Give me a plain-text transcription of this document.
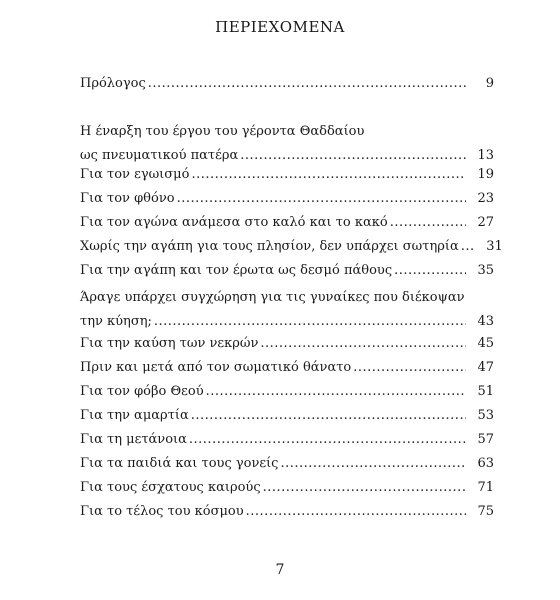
ΠΕΡΙΕΧΟΜΕΝΑ
Πρόλογος .....	9
Η έναρξη του έργου του γέροντα Θαδδαίου
ως πνευματικού πατέρα .....	13
Για τον εγωισμό .....	19
Για τον φθόνο .....	23
Για τον αγώνα ανάμεσα στο καλό και το κακό .....	27
Χωρίς την αγάπη για τους πλησίον, δεν υπάρχει σωτηρία .....	31
Για την αγάπη και τον έρωτα ως δεσμό πάθους .....	35
Άραγε υπάρχει συγχώρηση για τις γυναίκες που διέκοψαν
την κύηση; .....	43
Για την καύση των νεκρών .....	45
Πριν και μετά από τον σωματικό θάνατο .....	47
Για τον φόβο Θεού .....	51
Για την αμαρτία .....	53
Για τη μετάνοια .....	57
Για τα παιδιά και τους γονείς .....	63
Για τους έσχατους καιρούς .....	71
Για το τέλος του κόσμου .....	75
7
